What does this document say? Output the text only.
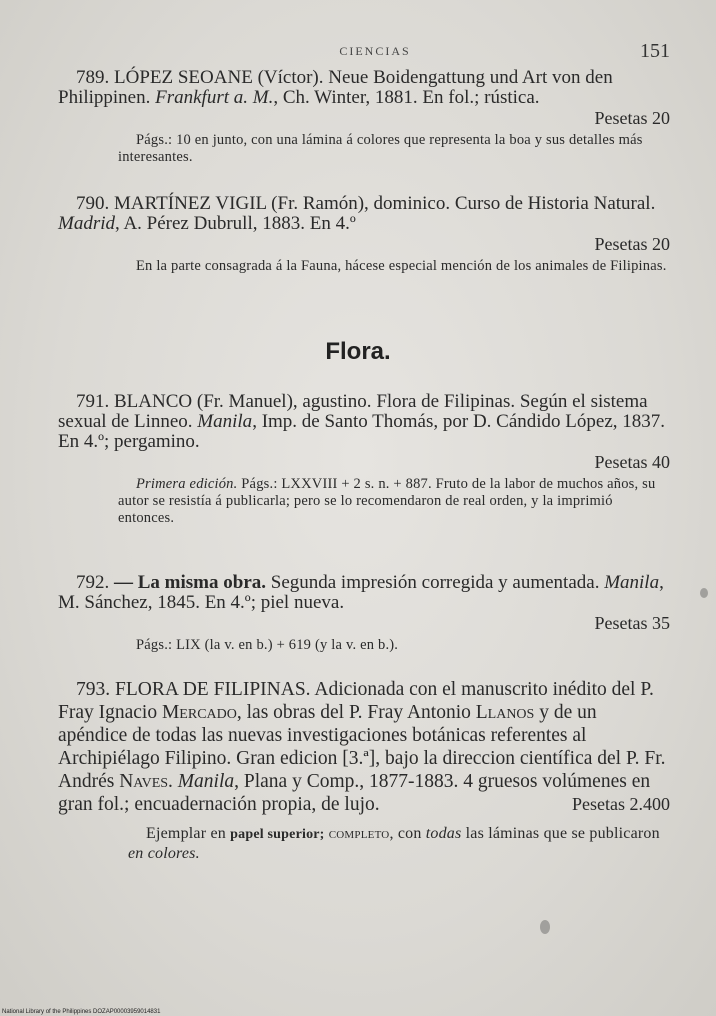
CIENCIAS	151

789. LÓPEZ SEOANE (Víctor). Neue Boidengattung und Art von den Philippinen. Frankfurt a. M., Ch. Winter, 1881. En fol.; rústica.

Pesetas 20

Págs.: 10 en junto, con una lámina á colores que representa la boa y sus detalles más interesantes.

790. MARTÍNEZ VIGIL (Fr. Ramón), dominico. Curso de Historia Natural. Madrid, A. Pérez Dubrull, 1883. En 4.º

Pesetas 20

En la parte consagrada á la Fauna, hácese especial mención de los animales de Filipinas.

Flora.

791. BLANCO (Fr. Manuel), agustino. Flora de Filipinas. Según el sistema sexual de Linneo. Manila, Imp. de Santo Thomás, por D. Cándido López, 1837. En 4.º; pergamino.

Pesetas 40

Primera edición. Págs.: LXXVIII + 2 s. n. + 887. Fruto de la labor de muchos años, su autor se resistía á publicarla; pero se lo recomendaron de real orden, y la imprimió entonces.

792. — La misma obra. Segunda impresión corregida y aumentada. Manila, M. Sánchez, 1845. En 4.º; piel nueva.

Pesetas 35

Págs.: LIX (la v. en b.) + 619 (y la v. en b.).

793. FLORA DE FILIPINAS. Adicionada con el manuscrito inédito del P. Fray Ignacio Mercado, las obras del P. Fray Antonio Llanos y de un apéndice de todas las nuevas investigaciones botánicas referentes al Archipiélago Filipino. Gran edicion [3.ª], bajo la direccion científica del P. Fr. Andrés Naves. Manila, Plana y Comp., 1877-1883. 4 gruesos volúmenes en gran fol.; encuadernación propia, de lujo.	Pesetas 2.400

Ejemplar en papel superior; completo, con todas las láminas que se publicaron en colores.

National Library of the Philippines DOZAP00003959014831
